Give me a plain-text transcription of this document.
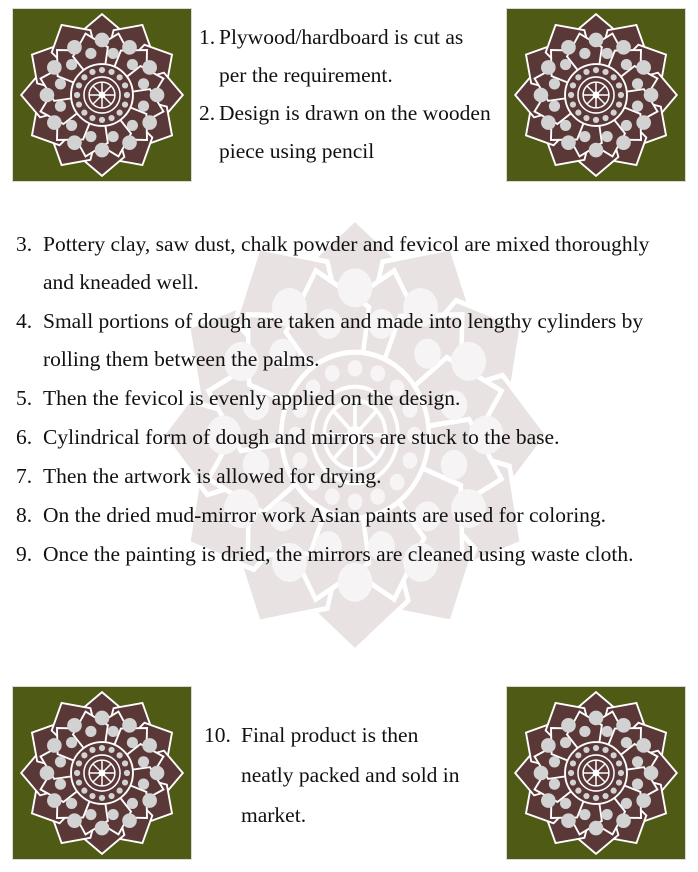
1. Plywood/hardboard is cut as per the requirement.
2. Design is drawn on the wooden piece using pencil
3. Pottery clay, saw dust, chalk powder and fevicol are mixed thoroughly and kneaded well.
4. Small portions of dough are taken and made into lengthy cylinders by rolling them between the palms.
5. Then the fevicol is evenly applied on the design.
6. Cylindrical form of dough and mirrors are stuck to the base.
7. Then the artwork is allowed for drying.
8. On the dried mud-mirror work Asian paints are used for coloring.
9. Once the painting is dried, the mirrors are cleaned using waste cloth.
10. Final product is then neatly packed and sold in market.
